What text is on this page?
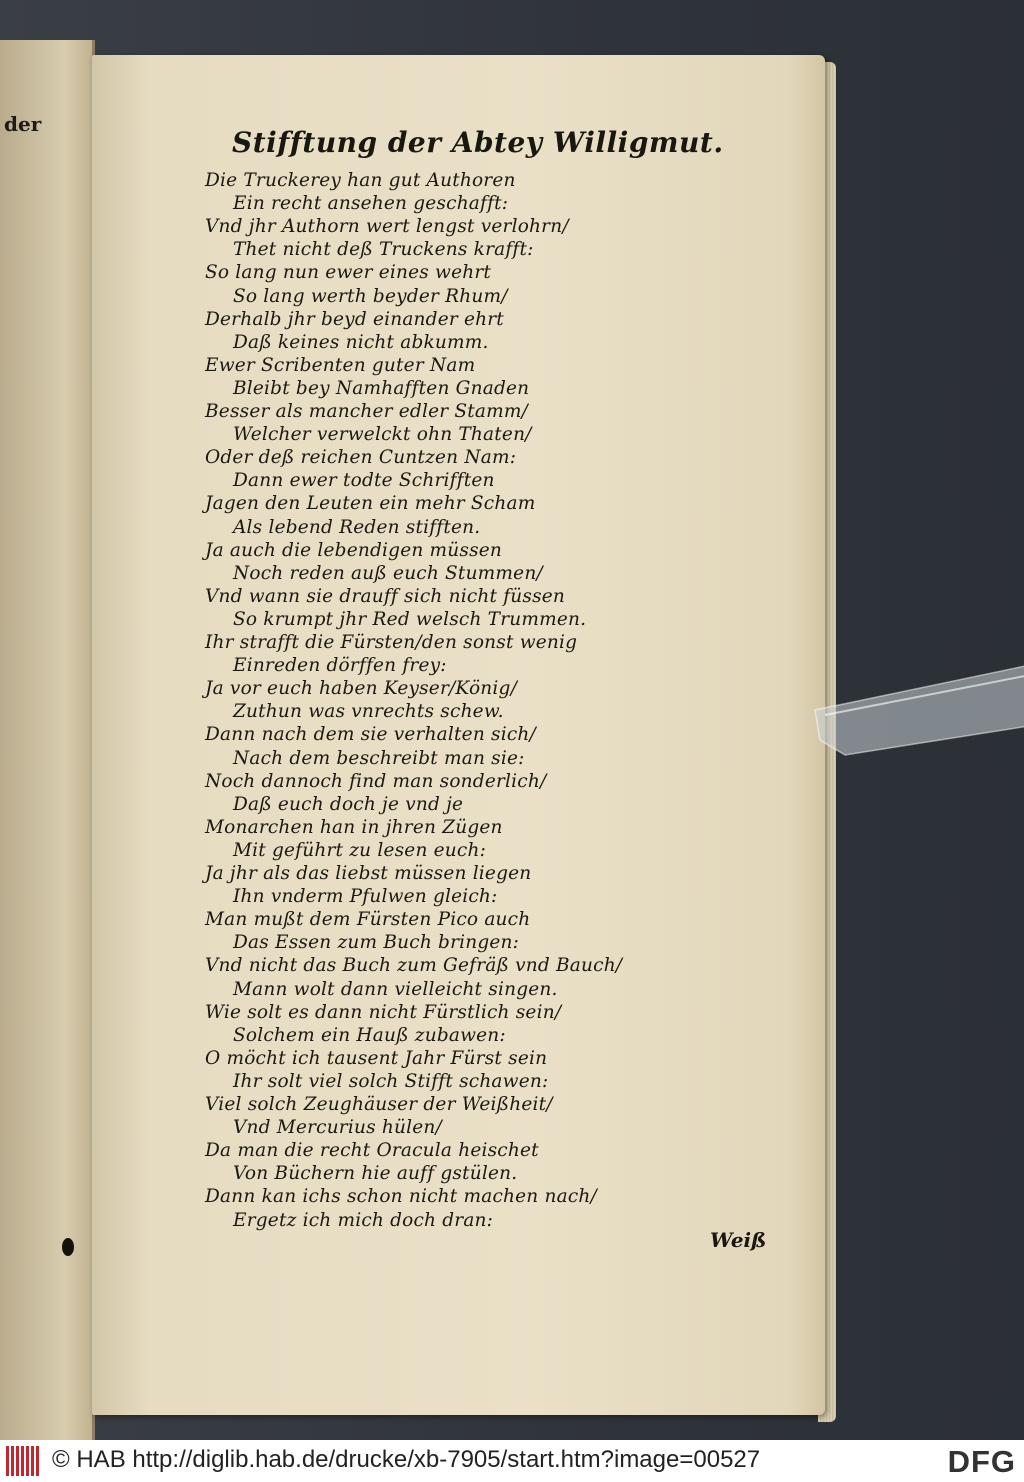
der
Stifftung der Abtey Willigmut.
Die Truckerey han gut Authoren
Ein recht ansehen geschafft:
Vnd jhr Authorn wert lengst verlohrn/
Thet nicht deß Truckens krafft:
So lang nun ewer eines wehrt
So lang werth beyder Rhum/
Derhalb jhr beyd einander ehrt
Daß keines nicht abkumm.
Ewer Scribenten guter Nam
Bleibt bey Namhafften Gnaden
Besser als mancher edler Stamm/
Welcher verwelckt ohn Thaten/
Oder deß reichen Cuntzen Nam:
Dann ewer todte Schrifften
Jagen den Leuten ein mehr Scham
Als lebend Reden stifften.
Ja auch die lebendigen müssen
Noch reden auß euch Stummen/
Vnd wann sie drauff sich nicht füssen
So krumpt jhr Red welsch Trummen.
Ihr strafft die Fürsten/den sonst wenig
Einreden dörffen frey:
Ja vor euch haben Keyser/König/
Zuthun was vnrechts schew.
Dann nach dem sie verhalten sich/
Nach dem beschreibt man sie:
Noch dannoch find man sonderlich/
Daß euch doch je vnd je
Monarchen han in jhren Zügen
Mit geführt zu lesen euch:
Ja jhr als das liebst müssen liegen
Ihn vnderm Pfulwen gleich:
Man mußt dem Fürsten Pico auch
Das Essen zum Buch bringen:
Vnd nicht das Buch zum Gefräß vnd Bauch/
Mann wolt dann vielleicht singen.
Wie solt es dann nicht Fürstlich sein/
Solchem ein Hauß zubawen:
O möcht ich tausent Jahr Fürst sein
Ihr solt viel solch Stifft schawen:
Viel solch Zeughäuser der Weißheit/
Vnd Mercurius hülen/
Da man die recht Oracula heischet
Von Büchern hie auff gstülen.
Dann kan ichs schon nicht machen nach/
Ergetz ich mich doch dran:
Weiß
© HAB http://diglib.hab.de/drucke/xb-7905/start.htm?image=00527	DFG
